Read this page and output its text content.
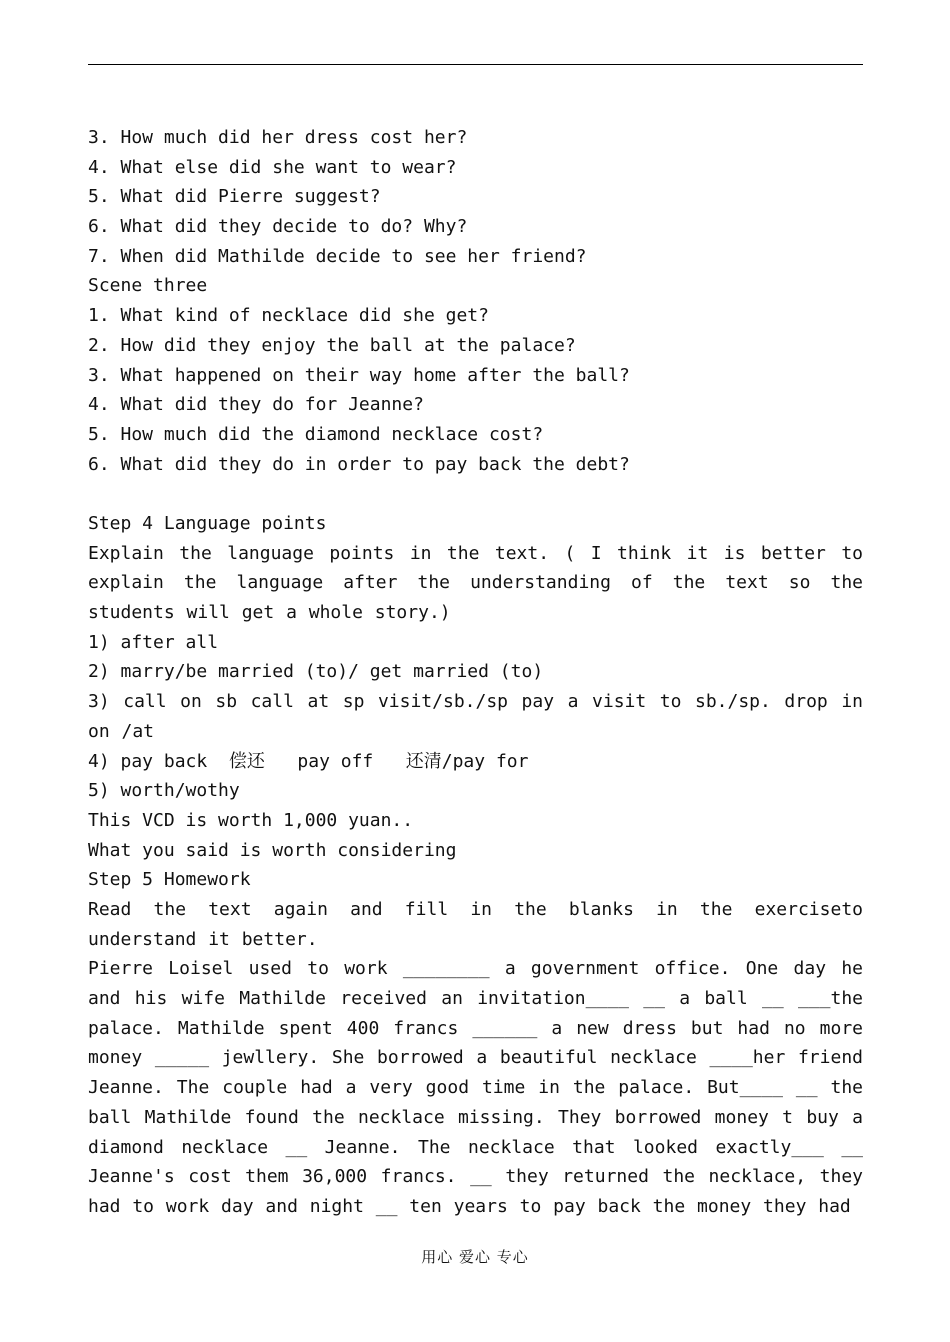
3. How much did her dress cost her?
4. What else did she want to wear?
5. What did Pierre suggest?
6. What did they decide to do? Why?
7. When did Mathilde decide to see her friend?
Scene three
1. What kind of necklace did she get?
2. How did they enjoy the ball at the palace?
3. What happened on their way home after the ball?
4. What did they do for Jeanne?
5. How much did the diamond necklace cost?
6. What did they do in order to pay back the debt?
Step 4 Language points
Explain the language points in the text. ( I think it is better to explain the language after the understanding of the text so the students will get a whole story.)
1) after all
2) marry/be married (to)/ get married (to)
3) call on sb call at sp visit/sb./sp pay a visit to sb./sp. drop in on /at
4) pay back  偿还   pay off   还清/pay for
5) worth/wothy
This VCD is worth 1,000 yuan..
What you said is worth considering
Step 5 Homework
Read the text again and fill in the blanks in the exerciseto understand it better.
Pierre Loisel used to work ________ a government office. One day he and his wife Mathilde received an invitation____ __ a ball __ ___the palace. Mathilde spent 400 francs ______ a new dress but had no more money _____ jewllery. She borrowed a beautiful necklace ____her friend Jeanne. The couple had a very good time in the palace. But____ __ the ball Mathilde found the necklace missing. They borrowed money t buy a diamond necklace __ Jeanne. The necklace that looked exactly___ __ Jeanne's cost them 36,000 francs. __ they returned the necklace, they had to work day and night __ ten years to pay back the money they had
用心 爱心 专心
